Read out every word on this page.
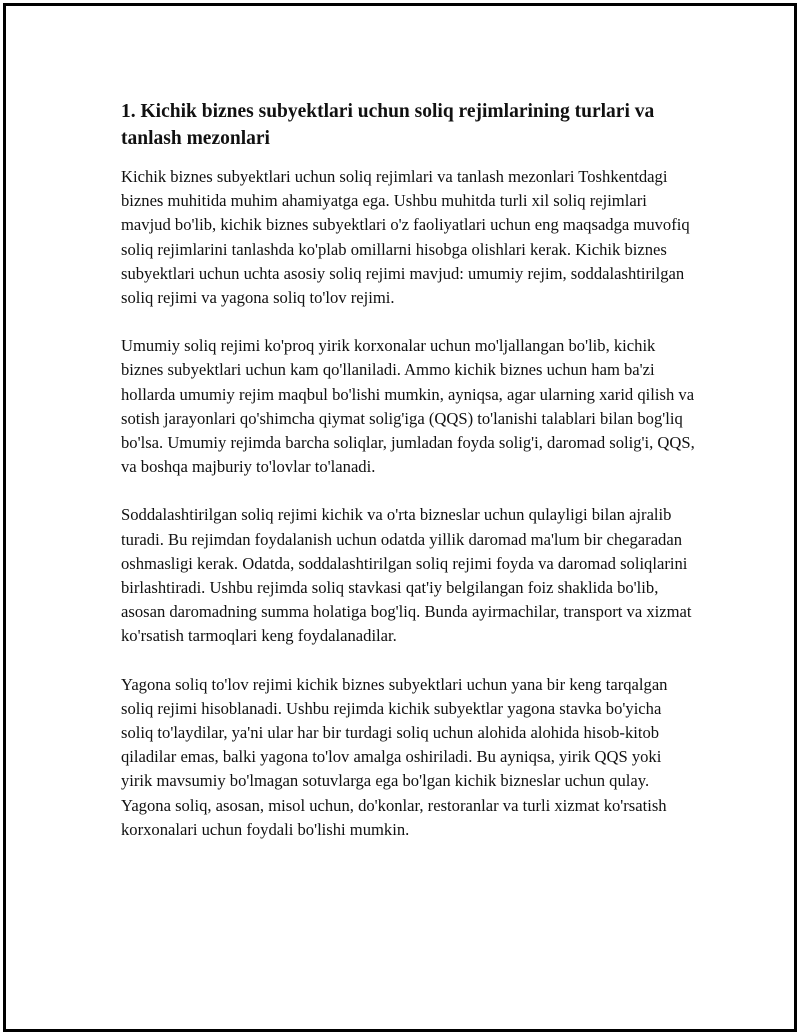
1. Kichik biznes subyektlari uchun soliq rejimlarining turlari va tanlash mezonlari

Kichik biznes subyektlari uchun soliq rejimlari va tanlash mezonlari Toshkentdagi biznes muhitida muhim ahamiyatga ega. Ushbu muhitda turli xil soliq rejimlari mavjud bo'lib, kichik biznes subyektlari o'z faoliyatlari uchun eng maqsadga muvofiq soliq rejimlarini tanlashda ko'plab omillarni hisobga olishlari kerak. Kichik biznes subyektlari uchun uchta asosiy soliq rejimi mavjud: umumiy rejim, soddalashtirilgan soliq rejimi va yagona soliq to'lov rejimi.

Umumiy soliq rejimi ko'proq yirik korxonalar uchun mo'ljallangan bo'lib, kichik biznes subyektlari uchun kam qo'llaniladi. Ammo kichik biznes uchun ham ba'zi hollarda umumiy rejim maqbul bo'lishi mumkin, ayniqsa, agar ularning xarid qilish va sotish jarayonlari qo'shimcha qiymat solig'iga (QQS) to'lanishi talablari bilan bog'liq bo'lsa. Umumiy rejimda barcha soliqlar, jumladan foyda solig'i, daromad solig'i, QQS, va boshqa majburiy to'lovlar to'lanadi.

Soddalashtirilgan soliq rejimi kichik va o'rta bizneslar uchun qulayligi bilan ajralib turadi. Bu rejimdan foydalanish uchun odatda yillik daromad ma'lum bir chegaradan oshmasligi kerak. Odatda, soddalashtirilgan soliq rejimi foyda va daromad soliqlarini birlashtiradi. Ushbu rejimda soliq stavkasi qat'iy belgilangan foiz shaklida bo'lib, asosan daromadning summa holatiga bog'liq. Bunda ayirmachilar, transport va xizmat ko'rsatish tarmoqlari keng foydalanadilar.

Yagona soliq to'lov rejimi kichik biznes subyektlari uchun yana bir keng tarqalgan soliq rejimi hisoblanadi. Ushbu rejimda kichik subyektlar yagona stavka bo'yicha soliq to'laydilar, ya'ni ular har bir turdagi soliq uchun alohida alohida hisob-kitob qiladilar emas, balki yagona to'lov amalga oshiriladi. Bu ayniqsa, yirik QQS yoki yirik mavsumiy bo'lmagan sotuvlarga ega bo'lgan kichik bizneslar uchun qulay. Yagona soliq, asosan, misol uchun, do'konlar, restoranlar va turli xizmat ko'rsatish korxonalari uchun foydali bo'lishi mumkin.
